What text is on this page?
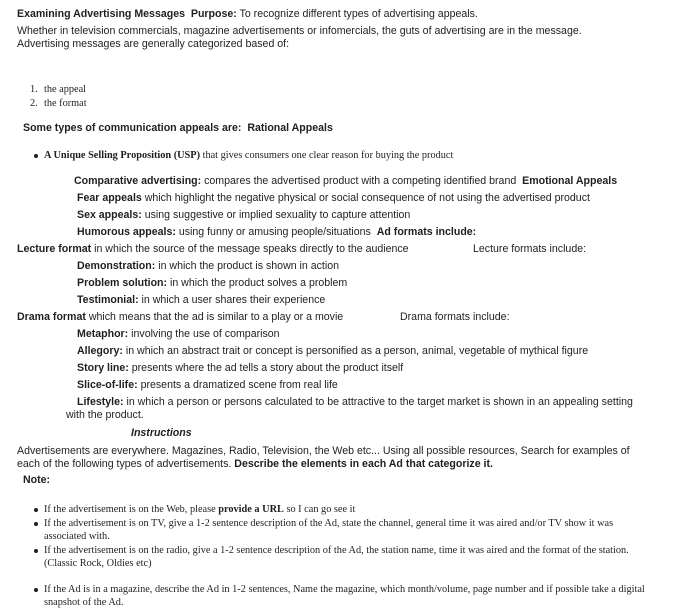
Examining Advertising Messages Purpose: To recognize different types of advertising appeals.
Whether in television commercials, magazine advertisements or infomercials, the guts of advertising are in the message.
Advertising messages are generally categorized based of:
1. the appeal
2. the format
Some types of communication appeals are: Rational Appeals
A Unique Selling Proposition (USP) that gives consumers one clear reason for buying the product
Comparative advertising: compares the advertised product with a competing identified brand Emotional Appeals
Fear appeals which highlight the negative physical or social consequence of not using the advertised product
Sex appeals: using suggestive or implied sexuality to capture attention
Humorous appeals: using funny or amusing people/situations Ad formats include:
Lecture format in which the source of the message speaks directly to the audience	Lecture formats include:
Demonstration: in which the product is shown in action
Problem solution: in which the product solves a problem
Testimonial: in which a user shares their experience
Drama format which means that the ad is similar to a play or a movie	Drama formats include:
Metaphor: involving the use of comparison
Allegory: in which an abstract trait or concept is personified as a person, animal, vegetable of mythical figure
Story line: presents where the ad tells a story about the product itself
Slice-of-life: presents a dramatized scene from real life
Lifestyle: in which a person or persons calculated to be attractive to the target market is shown in an appealing setting
with the product.
Instructions
Advertisements are everywhere. Magazines, Radio, Television, the Web etc... Using all possible resources, Search for examples of
each of the following types of advertisements. Describe the elements in each Ad that categorize it.
Note:
If the advertisement is on the Web, please provide a URL so I can go see it
If the advertisement is on TV, give a 1-2 sentence description of the Ad, state the channel, general time it was aired and/or TV show it was
associated with.
If the advertisement is on the radio, give a 1-2 sentence description of the Ad, the station name, time it was aired and the format of the station.
(Classic Rock, Oldies etc)
If the Ad is in a magazine, describe the Ad in 1-2 sentences, Name the magazine, which month/volume, page number and if possible take a digital
snapshot of the Ad.
